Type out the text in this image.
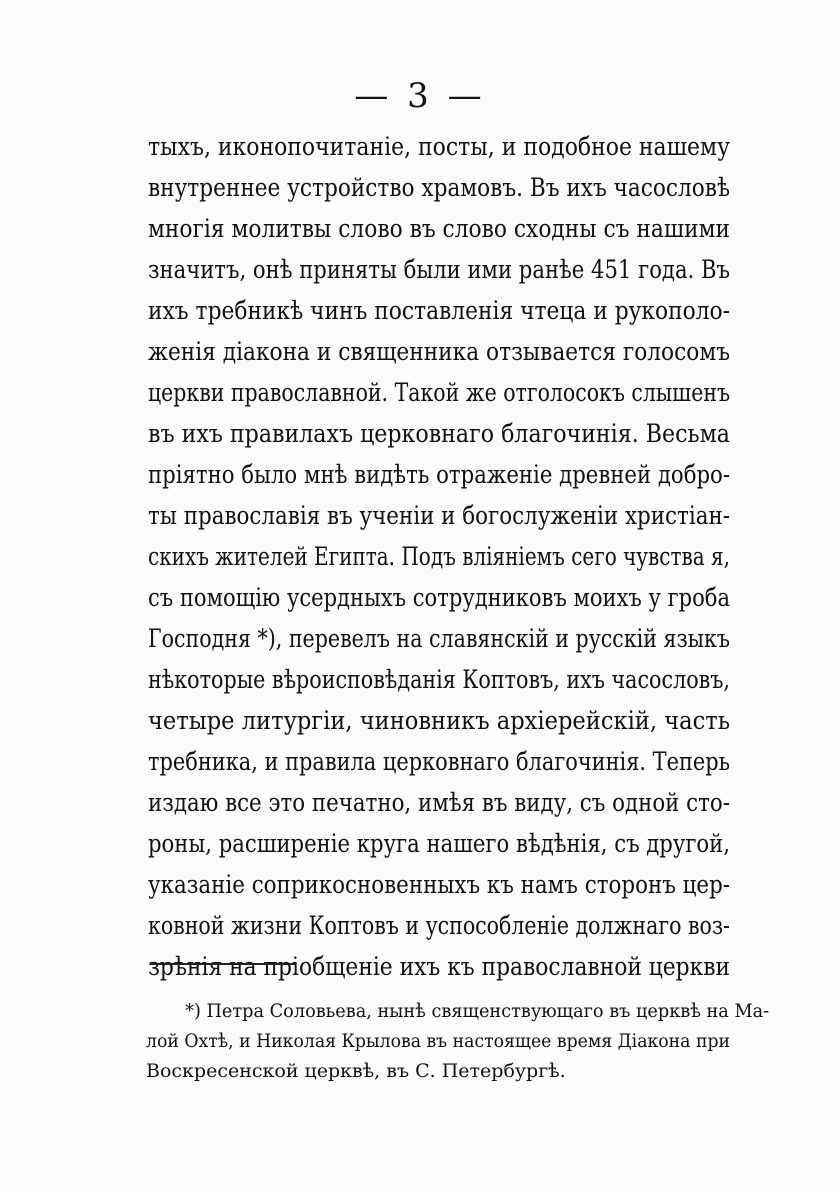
— 3 —
тыхъ, иконопочитаніе, посты, и подобное нашему
внутреннее устройство храмовъ. Въ ихъ часословѣ
многія молитвы слово въ слово сходны съ нашими
значитъ, онѣ приняты были ими ранѣе 451 года. Въ
ихъ требникѣ чинъ поставленія чтеца и рукополо-
женія діакона и священника отзывается голосомъ
церкви православной. Такой же отголосокъ слышенъ
въ ихъ правилахъ церковнаго благочинія. Весьма
пріятно было мнѣ видѣть отраженіе древней добро-
ты православія въ ученіи и богослуженіи христіан-
скихъ жителей Египта. Подъ вліяніемъ сего чувства я,
съ помощію усердныхъ сотрудниковъ моихъ у гроба
Господня *), перевелъ на славянскій и русскій языкъ
нѣкоторые вѣроисповѣданія Коптовъ, ихъ часословъ,
четыре литургіи, чиновникъ архіерейскій, часть
требника, и правила церковнаго благочинія. Теперь
издаю все это печатно, имѣя въ виду, съ одной сто-
роны, расширеніе круга нашего вѣдѣнія, съ другой,
указаніе соприкосновенныхъ къ намъ сторонъ цер-
ковной жизни Коптовъ и успособленіе должнаго воз-
зрѣнія на пріобщеніе ихъ къ православной церкви
*) Петра Соловьева, нынѣ священствующаго въ церквѣ на Ма-
лой Охтѣ, и Николая Крылова въ настоящее время Діакона при
Воскресенской церквѣ, въ С. Петербургѣ.
